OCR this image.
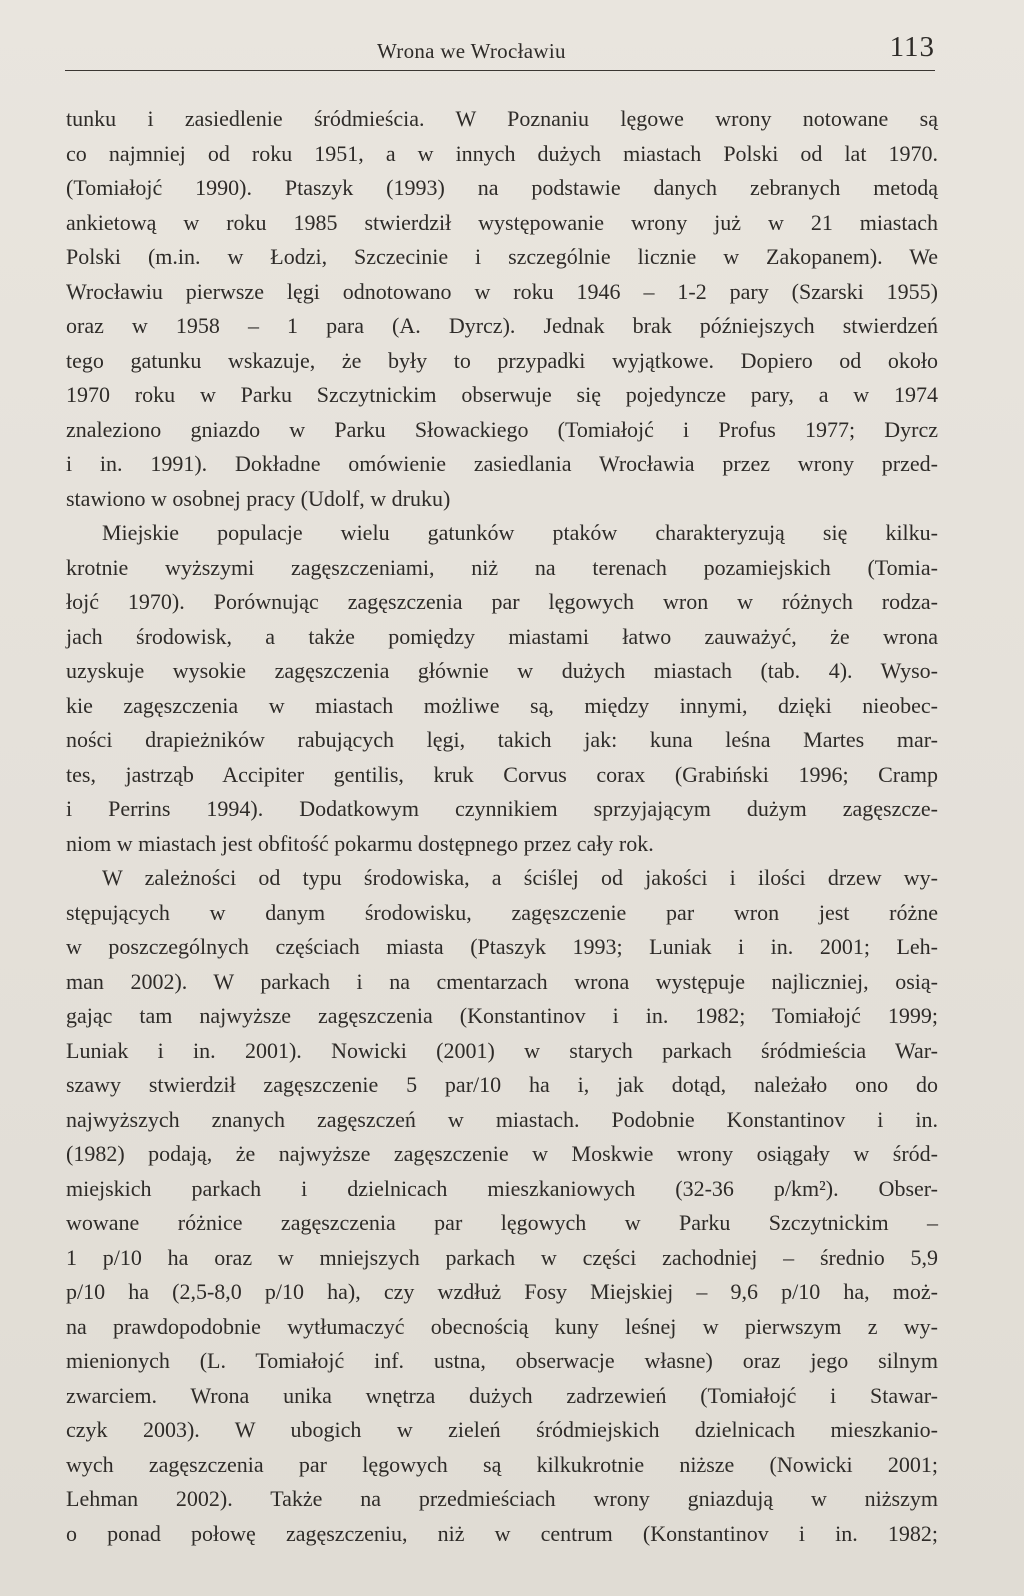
Wrona we Wrocławiu	113
tunku i zasiedlenie śródmieścia. W Poznaniu lęgowe wrony notowane są
co najmniej od roku 1951, a w innych dużych miastach Polski od lat 1970.
(Tomiałojć 1990). Ptaszyk (1993) na podstawie danych zebranych metodą
ankietową w roku 1985 stwierdził występowanie wrony już w 21 miastach
Polski (m.in. w Łodzi, Szczecinie i szczególnie licznie w Zakopanem). We
Wrocławiu pierwsze lęgi odnotowano w roku 1946 – 1-2 pary (Szarski 1955)
oraz w 1958 – 1 para (A. Dyrcz). Jednak brak późniejszych stwierdzeń
tego gatunku wskazuje, że były to przypadki wyjątkowe. Dopiero od około
1970 roku w Parku Szczytnickim obserwuje się pojedyncze pary, a w 1974
znaleziono gniazdo w Parku Słowackiego (Tomiałojć i Profus 1977; Dyrcz
i in. 1991). Dokładne omówienie zasiedlania Wrocławia przez wrony przed-
stawiono w osobnej pracy (Udolf, w druku)
Miejskie populacje wielu gatunków ptaków charakteryzują się kilku-
krotnie wyższymi zagęszczeniami, niż na terenach pozamiejskich (Tomia-
łojć 1970). Porównując zagęszczenia par lęgowych wron w różnych rodza-
jach środowisk, a także pomiędzy miastami łatwo zauważyć, że wrona
uzyskuje wysokie zagęszczenia głównie w dużych miastach (tab. 4). Wyso-
kie zagęszczenia w miastach możliwe są, między innymi, dzięki nieobec-
ności drapieżników rabujących lęgi, takich jak: kuna leśna Martes mar-
tes, jastrząb Accipiter gentilis, kruk Corvus corax (Grabiński 1996; Cramp
i Perrins 1994). Dodatkowym czynnikiem sprzyjającym dużym zagęszcze-
niom w miastach jest obfitość pokarmu dostępnego przez cały rok.
W zależności od typu środowiska, a ściślej od jakości i ilości drzew wy-
stępujących w danym środowisku, zagęszczenie par wron jest różne
w poszczególnych częściach miasta (Ptaszyk 1993; Luniak i in. 2001; Leh-
man 2002). W parkach i na cmentarzach wrona występuje najliczniej, osią-
gając tam najwyższe zagęszczenia (Konstantinov i in. 1982; Tomiałojć 1999;
Luniak i in. 2001). Nowicki (2001) w starych parkach śródmieścia War-
szawy stwierdził zagęszczenie 5 par/10 ha i, jak dotąd, należało ono do
najwyższych znanych zagęszczeń w miastach. Podobnie Konstantinov i in.
(1982) podają, że najwyższe zagęszczenie w Moskwie wrony osiągały w śród-
miejskich parkach i dzielnicach mieszkaniowych (32-36 p/km²). Obser-
wowane różnice zagęszczenia par lęgowych w Parku Szczytnickim –
1 p/10 ha oraz w mniejszych parkach w części zachodniej – średnio 5,9
p/10 ha (2,5-8,0 p/10 ha), czy wzdłuż Fosy Miejskiej – 9,6 p/10 ha, moż-
na prawdopodobnie wytłumaczyć obecnością kuny leśnej w pierwszym z wy-
mienionych (L. Tomiałojć inf. ustna, obserwacje własne) oraz jego silnym
zwarciem. Wrona unika wnętrza dużych zadrzewień (Tomiałojć i Stawar-
czyk 2003). W ubogich w zieleń śródmiejskich dzielnicach mieszkanio-
wych zagęszczenia par lęgowych są kilkukrotnie niższe (Nowicki 2001;
Lehman 2002). Także na przedmieściach wrony gniazdują w niższym
o ponad połowę zagęszczeniu, niż w centrum (Konstantinov i in. 1982;
